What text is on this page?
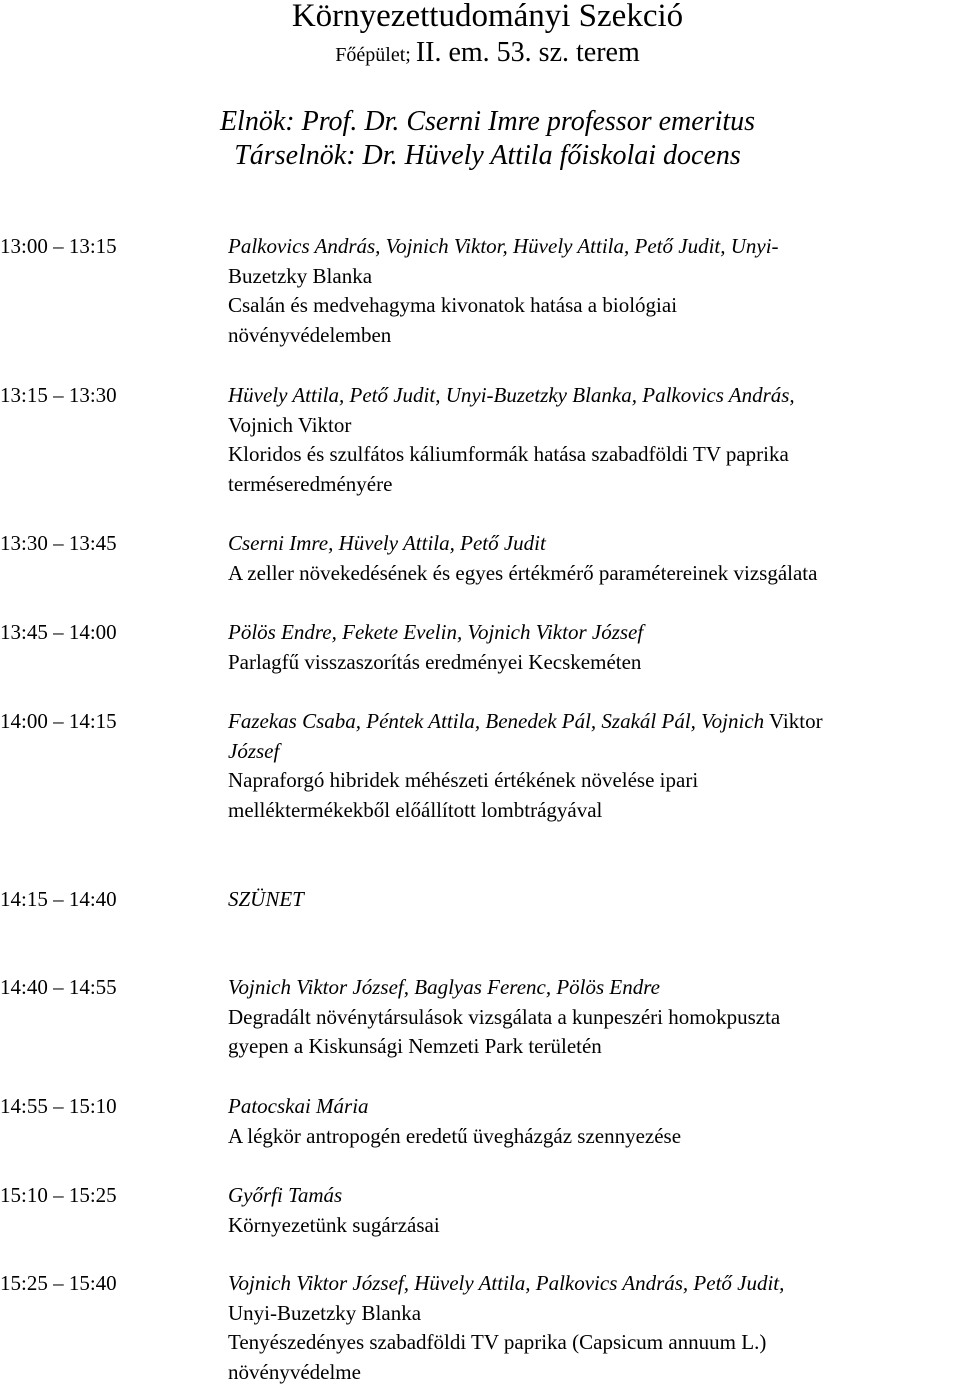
Környezettudományi Szekció
Főépület; II. em. 53. sz. terem
Elnök: Prof. Dr. Cserni Imre professor emeritus
Társelnök: Dr. Hüvely Attila főiskolai docens
13:00 – 13:15	Palkovics András, Vojnich Viktor, Hüvely Attila, Pető Judit, Unyi-
Buzetzky Blanka
Csalán és medvehagyma kivonatok hatása a biológiai
növényvédelemben
13:15 – 13:30	Hüvely Attila, Pető Judit, Unyi-Buzetzky Blanka, Palkovics András,
Vojnich Viktor
Kloridos és szulfátos káliumformák hatása szabadföldi TV paprika
terméseredményére
13:30 – 13:45	Cserni Imre, Hüvely Attila, Pető Judit
A zeller növekedésének és egyes értékmérő paramétereinek vizsgálata
13:45 – 14:00	Pölös Endre, Fekete Evelin, Vojnich Viktor József
Parlagfű visszaszorítás eredményei Kecskeméten
14:00 – 14:15	Fazekas Csaba, Péntek Attila, Benedek Pál, Szakál Pál, Vojnich Viktor
József
Napraforgó hibridek méhészeti értékének növelése ipari
melléktermékekből előállított lombtrágyával
14:15 – 14:40	SZÜNET
14:40 – 14:55	Vojnich Viktor József, Baglyas Ferenc, Pölös Endre
Degradált növénytársulások vizsgálata a kunpeszéri homokpuszta
gyepen a Kiskunsági Nemzeti Park területén
14:55 – 15:10	Patocskai Mária
A légkör antropogén eredetű üvegházgáz szennyezése
15:10 – 15:25	Győrfi Tamás
Környezetünk sugárzásai
15:25 – 15:40	Vojnich Viktor József, Hüvely Attila, Palkovics András, Pető Judit,
Unyi-Buzetzky Blanka
Tenyészedényes szabadföldi TV paprika (Capsicum annuum L.)
növényvédelme
